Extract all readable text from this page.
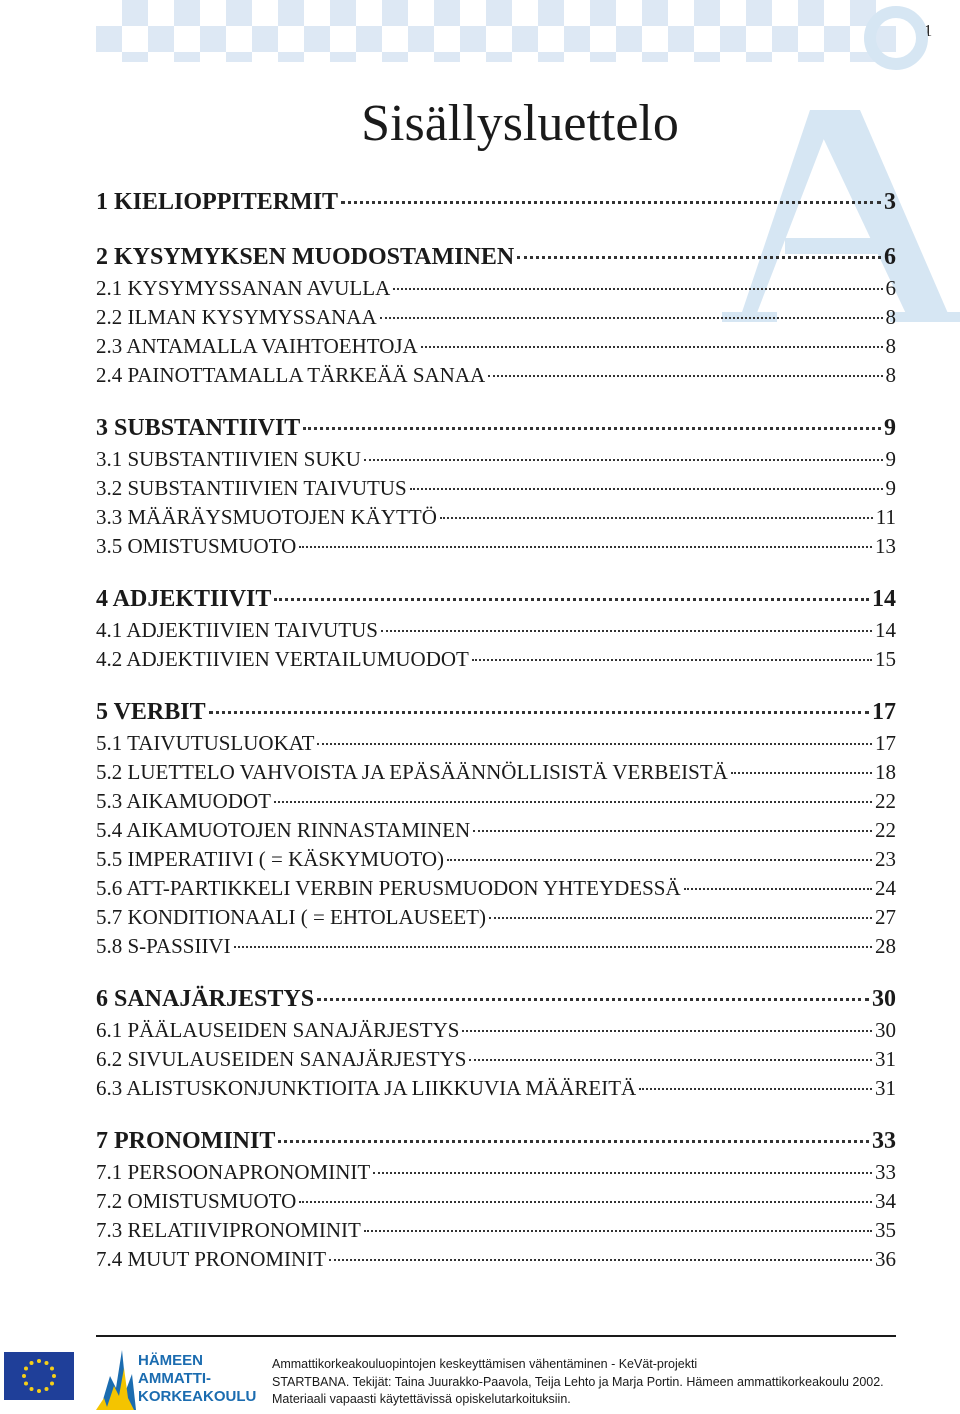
1
Sisällysluettelo
1 KIELIOPPITERMIT	3
2 KYSYMYKSEN MUODOSTAMINEN	6
2.1 KYSYMYSSANAN AVULLA	6
2.2 ILMAN KYSYMYSSANAA	8
2.3 ANTAMALLA VAIHTOEHTOJA	8
2.4 PAINOTTAMALLA TÄRKEÄÄ SANAA	8
3 SUBSTANTIIVIT	9
3.1 SUBSTANTIIVIEN SUKU	9
3.2 SUBSTANTIIVIEN TAIVUTUS	9
3.3 MÄÄRÄYSMUOTOJEN KÄYTTÖ	11
3.5 OMISTUSMUOTO	13
4 ADJEKTIIVIT	14
4.1 ADJEKTIIVIEN TAIVUTUS	14
4.2 ADJEKTIIVIEN VERTAILUMUODOT	15
5 VERBIT	17
5.1 TAIVUTUSLUOKAT	17
5.2 LUETTELO VAHVOISTA JA EPÄSÄÄNNÖLLISISTÄ VERBEISTÄ	18
5.3 AIKAMUODOT	22
5.4 AIKAMUOTOJEN RINNASTAMINEN	22
5.5 IMPERATIIVI ( = KÄSKYMUOTO)	23
5.6 ATT-PARTIKKELI VERBIN PERUSMUODON YHTEYDESSÄ	24
5.7 KONDITIONAALI ( = EHTOLAUSEET)	27
5.8 S-PASSIIVI	28
6 SANAJÄRJESTYS	30
6.1 PÄÄLAUSEIDEN SANAJÄRJESTYS	30
6.2 SIVULAUSEIDEN SANAJÄRJESTYS	31
6.3 ALISTUSKONJUNKTIOITA JA LIIKKUVIA MÄÄREITÄ	31
7 PRONOMINIT	33
7.1 PERSOONAPRONOMINIT	33
7.2 OMISTUSMUOTO	34
7.3 RELATIIVIPRONOMINIT	35
7.4 MUUT PRONOMINIT	36
HÄMEEN
AMMATTI-
KORKEAKOULU
Ammattikorkeakouluopintojen keskeyttämisen vähentäminen - KeVät-projekti
STARTBANA. Tekijät: Taina Juurakko-Paavola, Teija Lehto ja Marja Portin. Hämeen ammattikorkeakoulu 2002.
Materiaali vapaasti käytettävissä opiskelutarkoituksiin.
